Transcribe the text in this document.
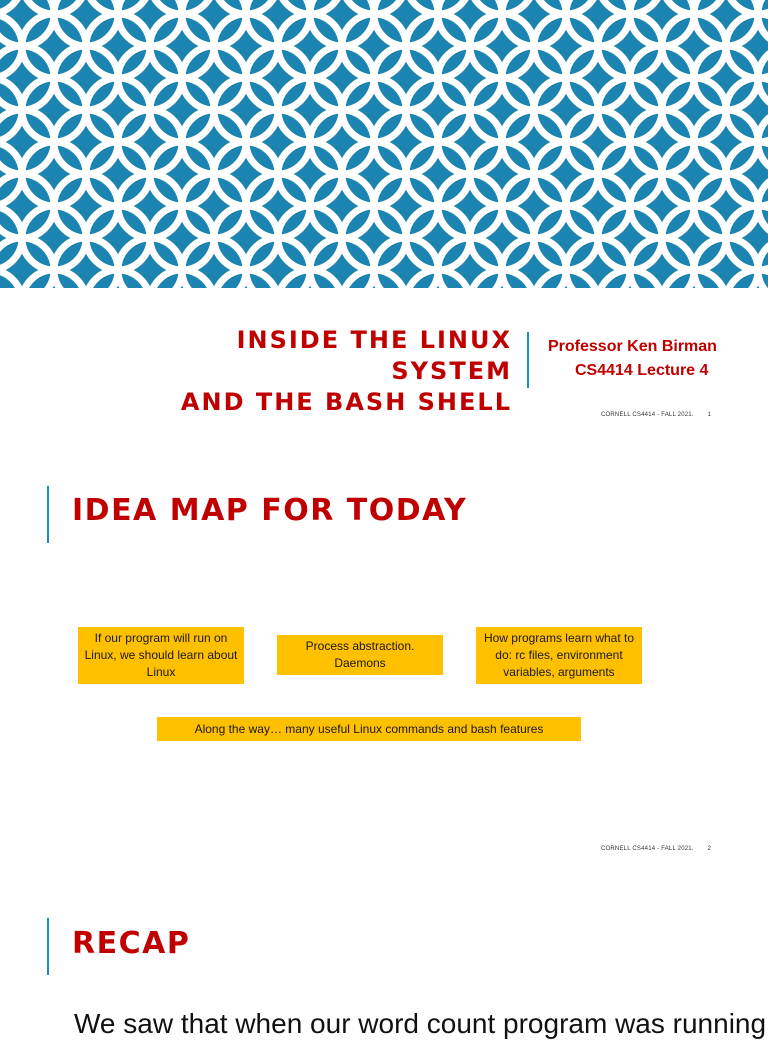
INSIDE THE LINUX SYSTEM
AND THE BASH SHELL
Professor Ken Birman
CS4414 Lecture 4
CORNELL CS4414 - FALL 2021. 1
IDEA MAP FOR TODAY
If our program will run on Linux, we should learn about Linux
Process abstraction. Daemons
How programs learn what to do: rc files, environment variables, arguments
Along the way… many useful Linux commands and bash features
CORNELL CS4414 - FALL 2021. 2
RECAP
We saw that when our word count program was running
